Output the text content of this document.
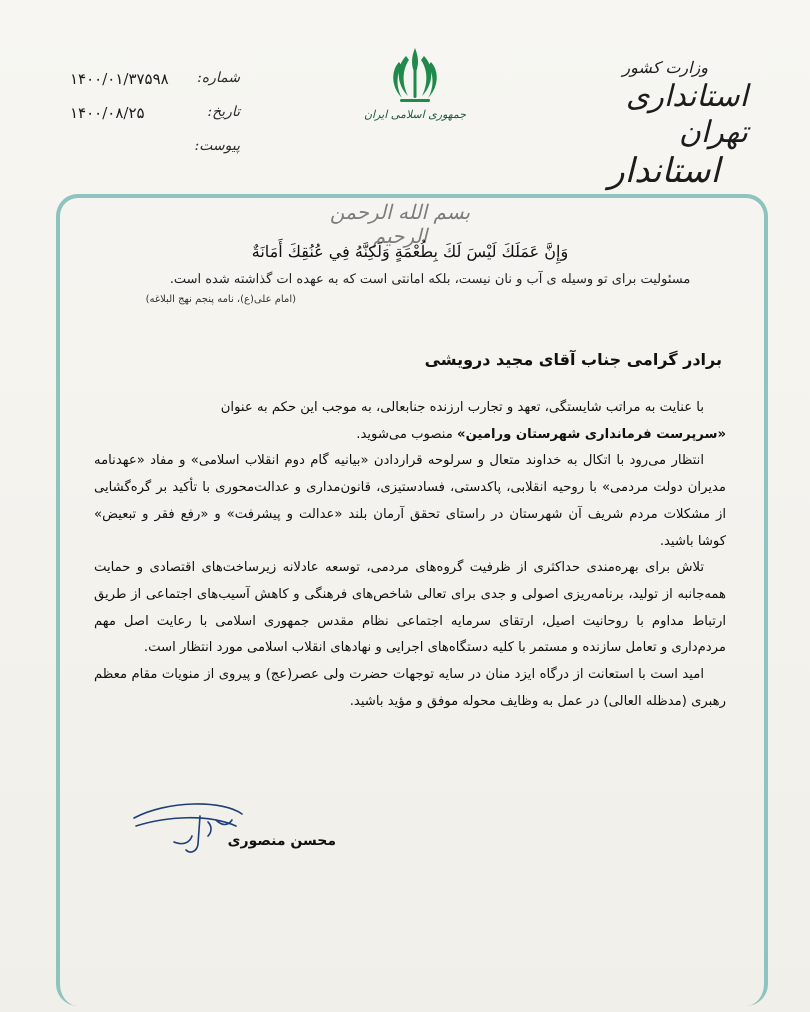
وزارت کشور
استانداری تهران
استاندار
جمهوری اسلامی ایران
شماره:
۱۴۰۰/۰۱/۳۷۵۹۸
تاریخ:
۱۴۰۰/۰۸/۲۵
پیوست:
بسم الله الرحمن الرحیم
وَإِنَّ عَمَلَكَ لَيْسَ لَكَ بِطُعْمَةٍ وَلَكِنَّهُ فِي عُنُقِكَ أَمَانَةٌ
مسئولیت برای تو وسیله ی آب و نان نیست، بلکه امانتی است که به عهده ات گذاشته شده است.
(امام علی(ع)، نامه پنجم نهج البلاغه)
برادر گرامی جناب آقای مجید درویشی

با عنایت به مراتب شایستگی، تعهد و تجارب ارزنده جنابعالی، به موجب این حکم به عنوان
«سرپرست فرمانداری شهرستان ورامین» منصوب می‌شوید.

انتظار می‌رود با اتکال به خداوند متعال و سرلوحه قراردادن «بیانیه گام دوم انقلاب اسلامی» و مفاد «عهدنامه مدیران دولت مردمی» با روحیه انقلابی، پاکدستی، فسادستیزی، قانون‌مداری و عدالت‌محوری با تأکید بر گره‌گشایی از مشکلات مردم شریف آن شهرستان در راستای تحقق آرمان بلند «عدالت و پیشرفت» و «رفع فقر و تبعیض» کوشا باشید.

تلاش برای بهره‌مندی حداکثری از ظرفیت گروه‌های مردمی، توسعه عادلانه زیرساخت‌های اقتصادی و حمایت همه‌جانبه از تولید، برنامه‌ریزی اصولی و جدی برای تعالی شاخص‌های فرهنگی و کاهش آسیب‌های اجتماعی از طریق ارتباط مداوم با روحانیت اصیل، ارتقای سرمایه اجتماعی نظام مقدس جمهوری اسلامی با رعایت اصل مهم مردم‌داری و تعامل سازنده و مستمر با کلیه دستگاه‌های اجرایی و نهادهای انقلاب اسلامی مورد انتظار است.

امید است با استعانت از درگاه ایزد منان در سایه توجهات حضرت ولی عصر(عج) و پیروی از منویات مقام معظم رهبری (مدظله العالی) در عمل به وظایف محوله موفق و مؤید باشید.

محسن منصوری
